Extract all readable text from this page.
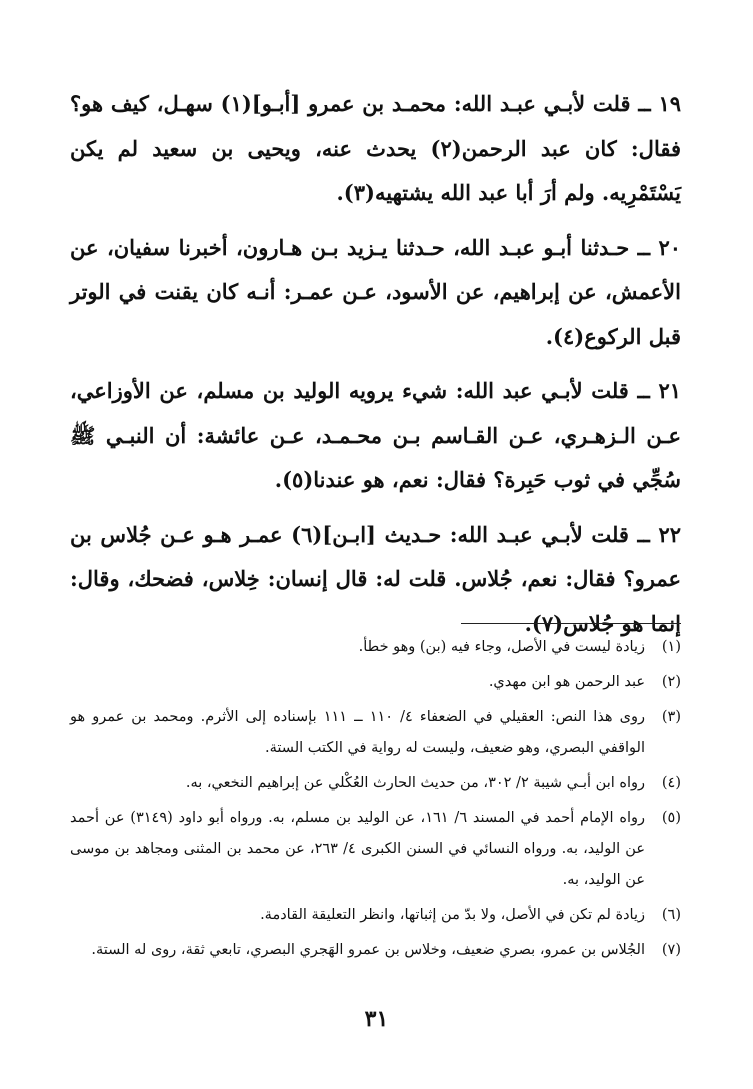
١٩ ــ قلت لأبـي عبـد الله: محمـد بن عمرو [أبـو](١) سهـل، كيف هو؟ فقال: كان عبد الرحمن(٢) يحدث عنه، ويحيى بن سعيد لم يكن يَسْتَمْرِيه. ولم أرَ أبا عبد الله يشتهيه(٣).

٢٠ ــ حـدثنا أبـو عبـد الله، حـدثنا يـزيد بـن هـارون، أخبرنا سفيان، عن الأعمش، عن إبراهيم، عن الأسود، عـن عمـر: أنـه كان يقنت في الوتر قبل الركوع(٤).

٢١ ــ قلت لأبـي عبد الله: شيء يرويه الوليد بن مسلم، عن الأوزاعي، عـن الـزهـري، عـن القـاسم بـن محـمـد، عـن عائشة: أن النبـي ﷺ سُجِّي في ثوب حَبِرة؟ فقال: نعم، هو عندنا(٥).

٢٢ ــ قلت لأبـي عبـد الله: حـديث [ابـن](٦) عمـر هـو عـن جُلاس بن عمرو؟ فقال: نعم، جُلاس. قلت له: قال إنسان: خِلاس، فضحك، وقال: إنما هو جُلاس(٧).

(١)
زيادة ليست في الأصل، وجاء فيه (بن) وهو خطأ.
(٢)
عبد الرحمن هو ابن مهدي.
(٣)
روى هذا النص: العقيلي في الضعفاء ٤/ ١١٠ ــ ١١١ بإسناده إلى الأثرم. ومحمد بن عمرو هو الواقفي البصري، وهو ضعيف، وليست له رواية في الكتب الستة.
(٤)
رواه ابن أبـي شيبة ٢/ ٣٠٢، من حديث الحارث العُكْلي عن إبراهيم النخعي، به.
(٥)
رواه الإمام أحمد في المسند ٦/ ١٦١، عن الوليد بن مسلم، به. ورواه أبو داود (٣١٤٩) عن أحمد عن الوليد، به. ورواه النسائي في السنن الكبرى ٤/ ٢٦٣، عن محمد بن المثنى ومجاهد بن موسى عن الوليد، به.
(٦)
زيادة لم تكن في الأصل، ولا بدّ من إثباتها، وانظر التعليقة القادمة.
(٧)
الجُلاس بن عمرو، بصري ضعيف، وخلاس بن عمرو الهَجري البصري، تابعي ثقة، روى له الستة.
٣١
